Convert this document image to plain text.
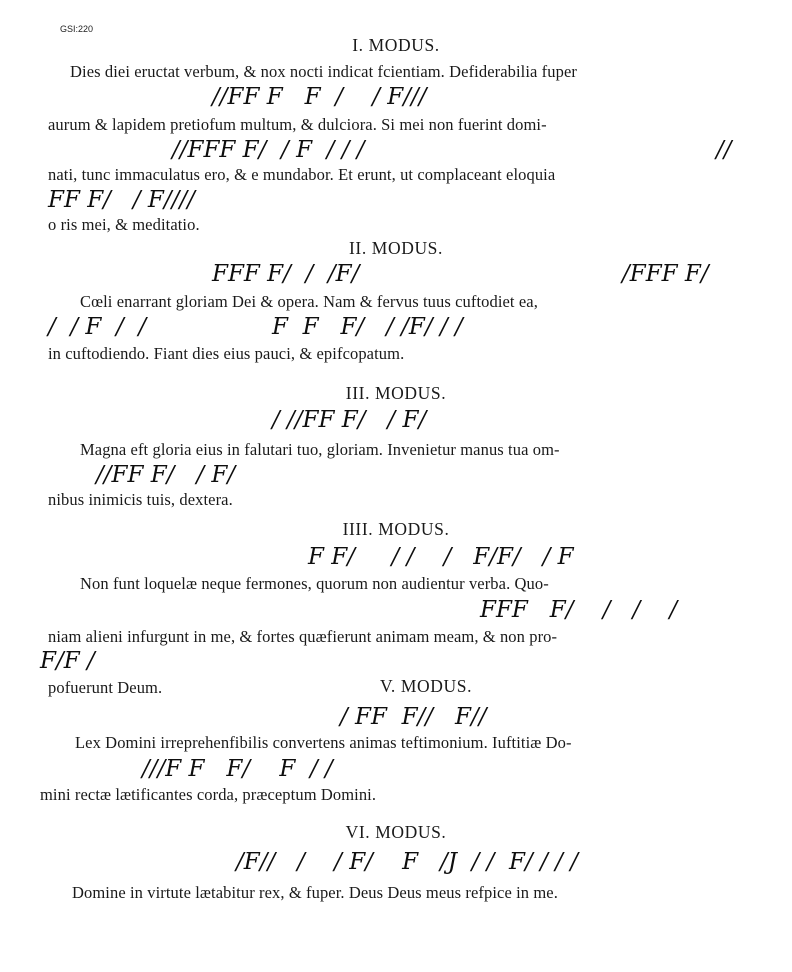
GSI:220
I. MODUS.
Dies diei eructat verbum, & nox nocti indicat fcientiam. Defiderabilia fuper
//FF F   F  /    / F///
aurum & lapidem pretiofum multum, & dulciora. Si mei non fuerint domi-
//FFF F/  / F  / / /	//
nati, tunc immaculatus ero, & e mundabor. Et erunt, ut complaceant eloquia
FF F/   / F////
o ris mei, & meditatio.
II. MODUS.
FFF F/  /  /F/	/FFF F/
Cœli enarrant gloriam Dei & opera. Nam & fervus tuus cuftodiet ea,
/  / F  /  /	F  F   F/   / /F/ / /
in cuftodiendo. Fiant dies eius pauci, & epifcopatum.
III. MODUS.
/ //FF F/   / F/
Magna eft gloria eius in falutari tuo, gloriam. Invenietur manus tua om-
//FF F/   / F/
nibus inimicis tuis, dextera.
IIII. MODUS.
F F/     / /    /   F/F/   / F
Non funt loquelæ neque fermones, quorum non audientur verba. Quo-
FFF   F/    /   /    /
niam alieni infurgunt in me, & fortes quæfierunt animam meam, & non pro-
F/F /
pofuerunt Deum.	V. MODUS.
/ FF  F//   F//
Lex Domini irreprehenfibilis convertens animas teftimonium. Iuftitiæ Do-
///F F   F/    F  / /
mini rectæ lætificantes corda, præceptum Domini.
VI. MODUS.
/F//   /    / F/    F   /J  / /  F/ / / /
Domine in virtute lætabitur rex, & fuper. Deus Deus meus refpice in me.
